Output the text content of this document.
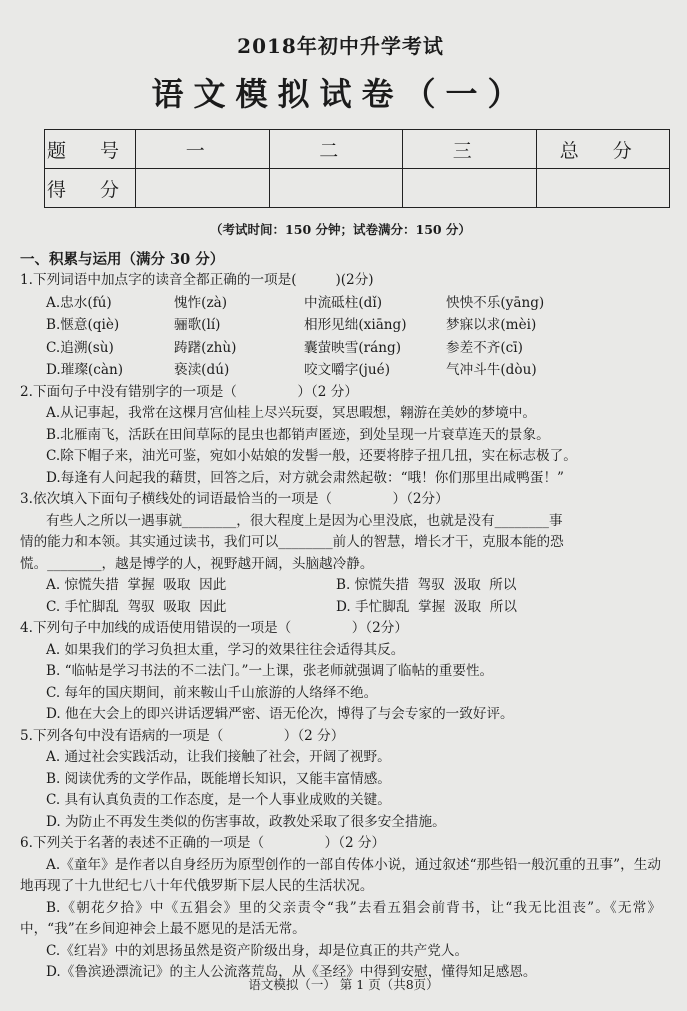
2018年初中升学考试
语文模拟试卷（一）
题 号	一	二	三	总 分
得 分				
（考试时间：150 分钟；试卷满分：150 分）
一、积累与运用（满分 30 分）
1.下列词语中加点字的读音全都正确的一项是(         )(2分)
A.忠水(fú)	愧怍(zà)	中流砥柱(dǐ)	怏怏不乐(yāng)
B.惬意(qiè)	骊歌(lí)	相形见绌(xiāng)	梦寐以求(mèi)
C.追溯(sù)	踌躇(zhù)	囊萤映雪(ráng)	参差不齐(cī)
D.璀璨(càn)	亵渎(dú)	咬文嚼字(jué)	气冲斗牛(dòu)
2.下面句子中没有错别字的一项是（              ）（2 分）
A.从记事起，我常在这棵月宫仙桂上尽兴玩耍，冥思暇想，翱游在美妙的梦境中。
B.北雁南飞，活跃在田间草际的昆虫也都销声匿迹，到处呈现一片衰草连天的景象。
C.除下帽子来，油光可鉴，宛如小姑娘的发髻一般，还要将脖子扭几扭，实在标志极了。
D.每逢有人问起我的藉贯，回答之后，对方就会肃然起敬：“哦！你们那里出咸鸭蛋！”
3.依次填入下面句子横线处的词语最恰当的一项是（              ）（2分）
有些人之所以一遇事就________，很大程度上是因为心里没底，也就是没有________事
情的能力和本领。其实通过读书，我们可以________前人的智慧，增长才干，克服本能的恐
慌。________，越是博学的人，视野越开阔，头脑越冷静。
A. 惊慌失措  掌握  吸取  因此	B. 惊慌失措  驾驭  汲取  所以
C. 手忙脚乱  驾驭  吸取  因此	D. 手忙脚乱  掌握  汲取  所以
4.下列句子中加线的成语使用错误的一项是（              ）（2分）
A. 如果我们的学习负担太重，学习的效果往往会适得其反。
B. “临帖是学习书法的不二法门。”一上课，张老师就强调了临帖的重要性。
C. 每年的国庆期间，前来鞍山千山旅游的人络绎不绝。
D. 他在大会上的即兴讲话逻辑严密、语无伦次，博得了与会专家的一致好评。
5.下列各句中没有语病的一项是（              ）（2 分）
A. 通过社会实践活动，让我们接触了社会，开阔了视野。
B. 阅读优秀的文学作品，既能增长知识，又能丰富情感。
C. 具有认真负责的工作态度，是一个人事业成败的关键。
D. 为防止不再发生类似的伤害事故，政教处采取了很多安全措施。
6.下列关于名著的表述不正确的一项是（              ）（2 分）
A.《童年》是作者以自身经历为原型创作的一部自传体小说，通过叙述“那些铅一般沉重的丑事”，生动地再现了十九世纪七八十年代俄罗斯下层人民的生活状况。
B.《朝花夕拾》中《五猖会》里的父亲责令“我”去看五猖会前背书，让“我无比沮丧”。《无常》中，“我”在乡间迎神会上最不愿见的是活无常。
C.《红岩》中的刘思扬虽然是资产阶级出身，却是位真正的共产党人。
D.《鲁滨逊漂流记》的主人公流落荒岛，从《圣经》中得到安慰，懂得知足感恩。
语文模拟（一） 第 1 页（共8页）
